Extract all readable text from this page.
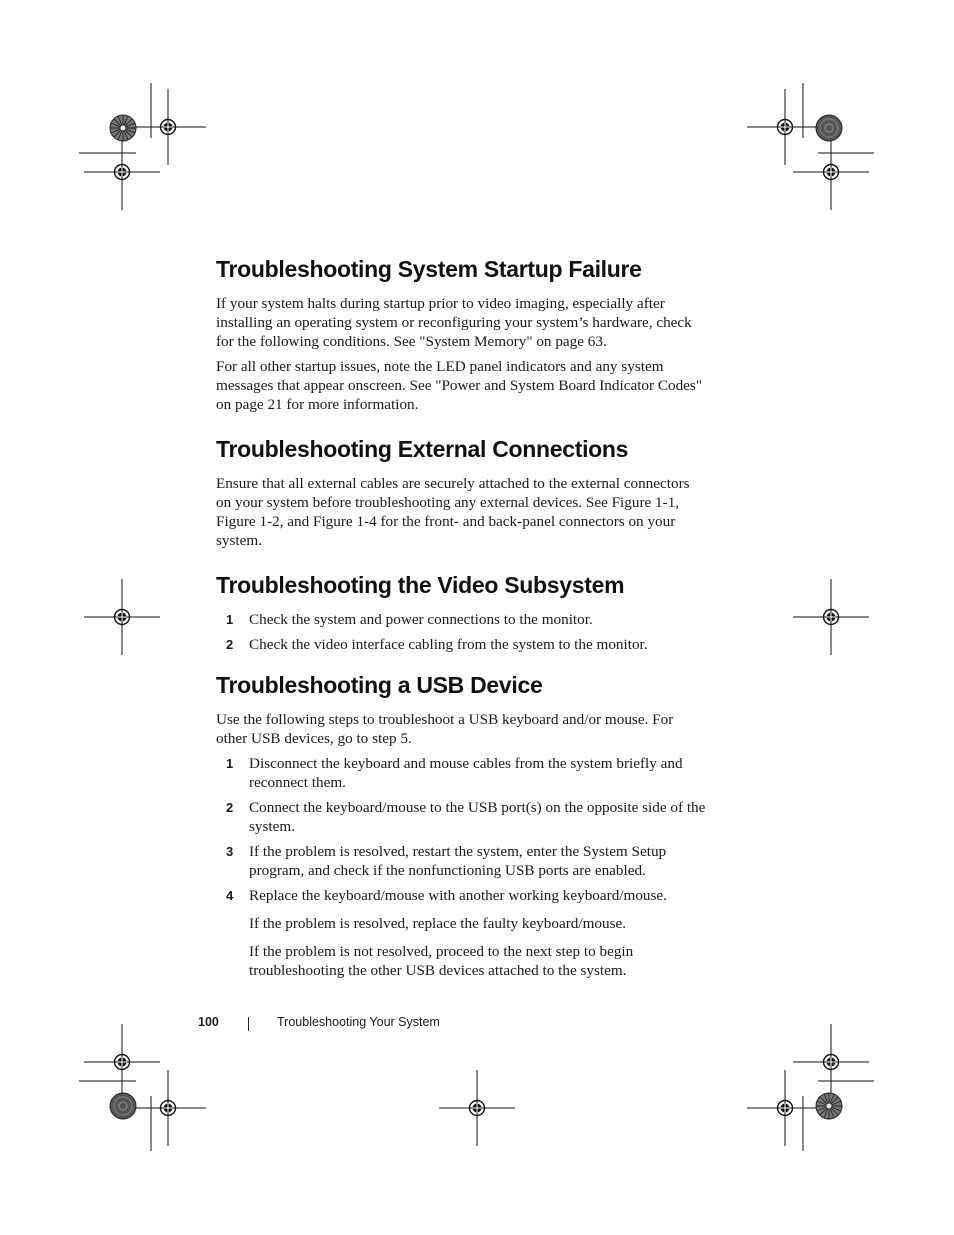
Troubleshooting System Startup Failure

If your system halts during startup prior to video imaging, especially after installing an operating system or reconfiguring your system’s hardware, check for the following conditions. See "System Memory" on page 63.

For all other startup issues, note the LED panel indicators and any system messages that appear onscreen. See "Power and System Board Indicator Codes" on page 21 for more information.

Troubleshooting External Connections

Ensure that all external cables are securely attached to the external connectors on your system before troubleshooting any external devices. See Figure 1-1, Figure 1-2, and Figure 1-4 for the front- and back-panel connectors on your system.

Troubleshooting the Video Subsystem
1 Check the system and power connections to the monitor.
2 Check the video interface cabling from the system to the monitor.
Troubleshooting a USB Device

Use the following steps to troubleshoot a USB keyboard and/or mouse. For other USB devices, go to step 5.

1 Disconnect the keyboard and mouse cables from the system briefly and reconnect them.
2 Connect the keyboard/mouse to the USB port(s) on the opposite side of the system.
3 If the problem is resolved, restart the system, enter the System Setup program, and check if the nonfunctioning USB ports are enabled.
4 Replace the keyboard/mouse with another working keyboard/mouse.

If the problem is resolved, replace the faulty keyboard/mouse.

If the problem is not resolved, proceed to the next step to begin troubleshooting the other USB devices attached to the system.

100	Troubleshooting Your System
